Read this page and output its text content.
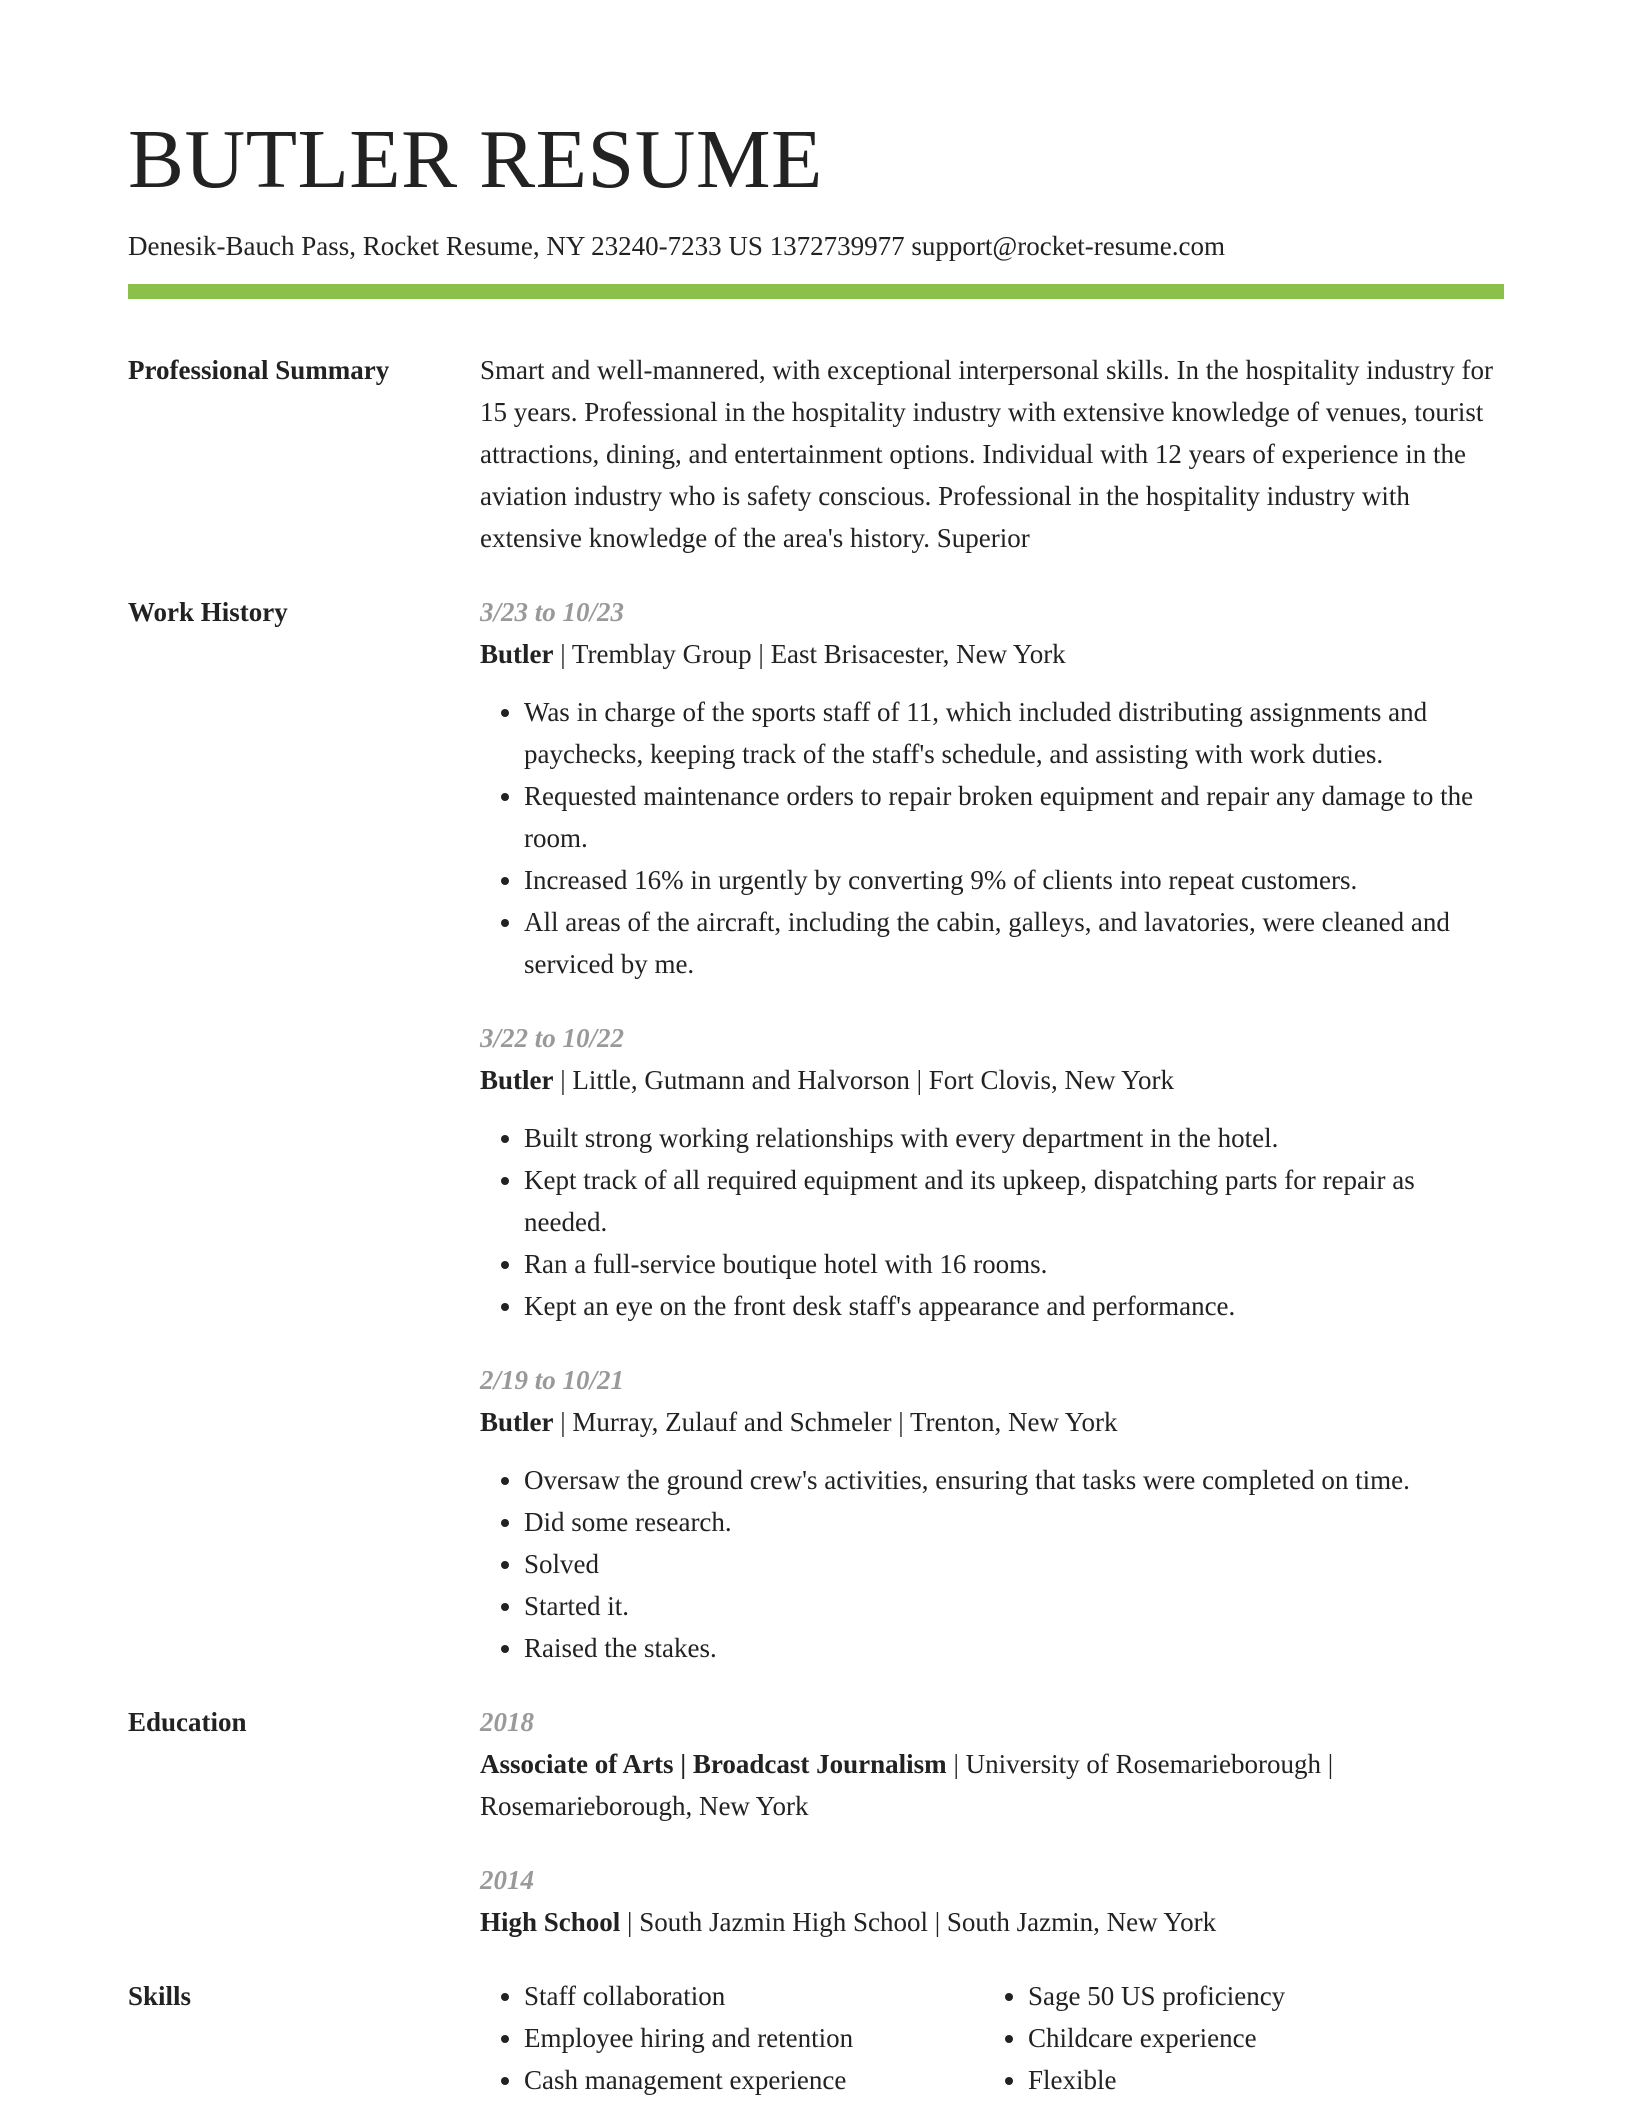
BUTLER RESUME
Denesik-Bauch Pass, Rocket Resume, NY 23240-7233 US 1372739977 support@rocket-resume.com
Professional Summary	Smart and well-mannered, with exceptional interpersonal skills. In the hospitality industry for 15 years. Professional in the hospitality industry with extensive knowledge of venues, tourist attractions, dining, and entertainment options. Individual with 12 years of experience in the aviation industry who is safety conscious. Professional in the hospitality industry with extensive knowledge of the area's history. Superior
Work History	3/23 to 10/23
Butler | Tremblay Group | East Brisacester, New York
• Was in charge of the sports staff of 11, which included distributing assignments and paychecks, keeping track of the staff's schedule, and assisting with work duties.
• Requested maintenance orders to repair broken equipment and repair any damage to the room.
• Increased 16% in urgently by converting 9% of clients into repeat customers.
• All areas of the aircraft, including the cabin, galleys, and lavatories, were cleaned and serviced by me.
3/22 to 10/22
Butler | Little, Gutmann and Halvorson | Fort Clovis, New York
• Built strong working relationships with every department in the hotel.
• Kept track of all required equipment and its upkeep, dispatching parts for repair as needed.
• Ran a full-service boutique hotel with 16 rooms.
• Kept an eye on the front desk staff's appearance and performance.
2/19 to 10/21
Butler | Murray, Zulauf and Schmeler | Trenton, New York
• Oversaw the ground crew's activities, ensuring that tasks were completed on time.
• Did some research.
• Solved
• Started it.
• Raised the stakes.
Education	2018
Associate of Arts | Broadcast Journalism | University of Rosemarieborough | Rosemarieborough, New York
2014
High School | South Jazmin High School | South Jazmin, New York
Skills
•	Staff collaboration
• Employee hiring and retention
• Cash management experience
• Sage 50 US proficiency
• Childcare experience
• Flexible
